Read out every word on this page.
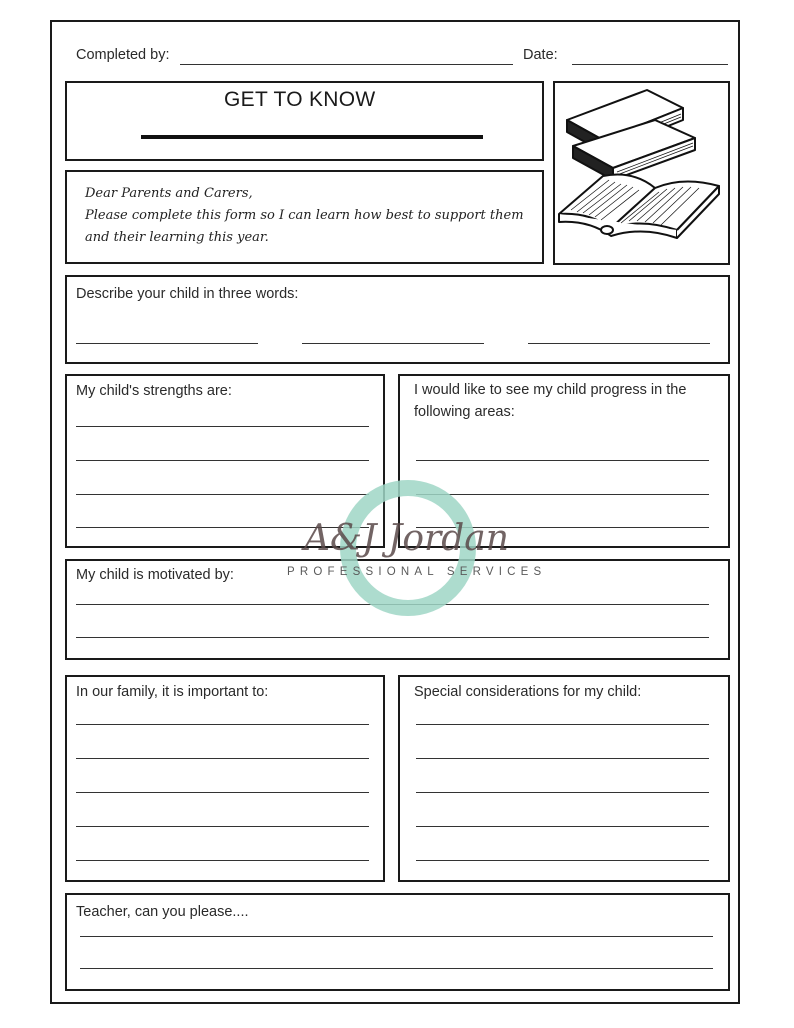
Completed by:	Date:
GET TO KNOW
Dear Parents and Carers,
Please complete this form so I can learn how best to support them
and their learning this year.
Describe your child in three words:
My child's strengths are:	I would like to see my child progress in the
following areas:
My child is motivated by:
In our family, it is important to:	Special considerations for my child:
Teacher, can you please....
A&J Jordan
PROFESSIONAL SERVICES
